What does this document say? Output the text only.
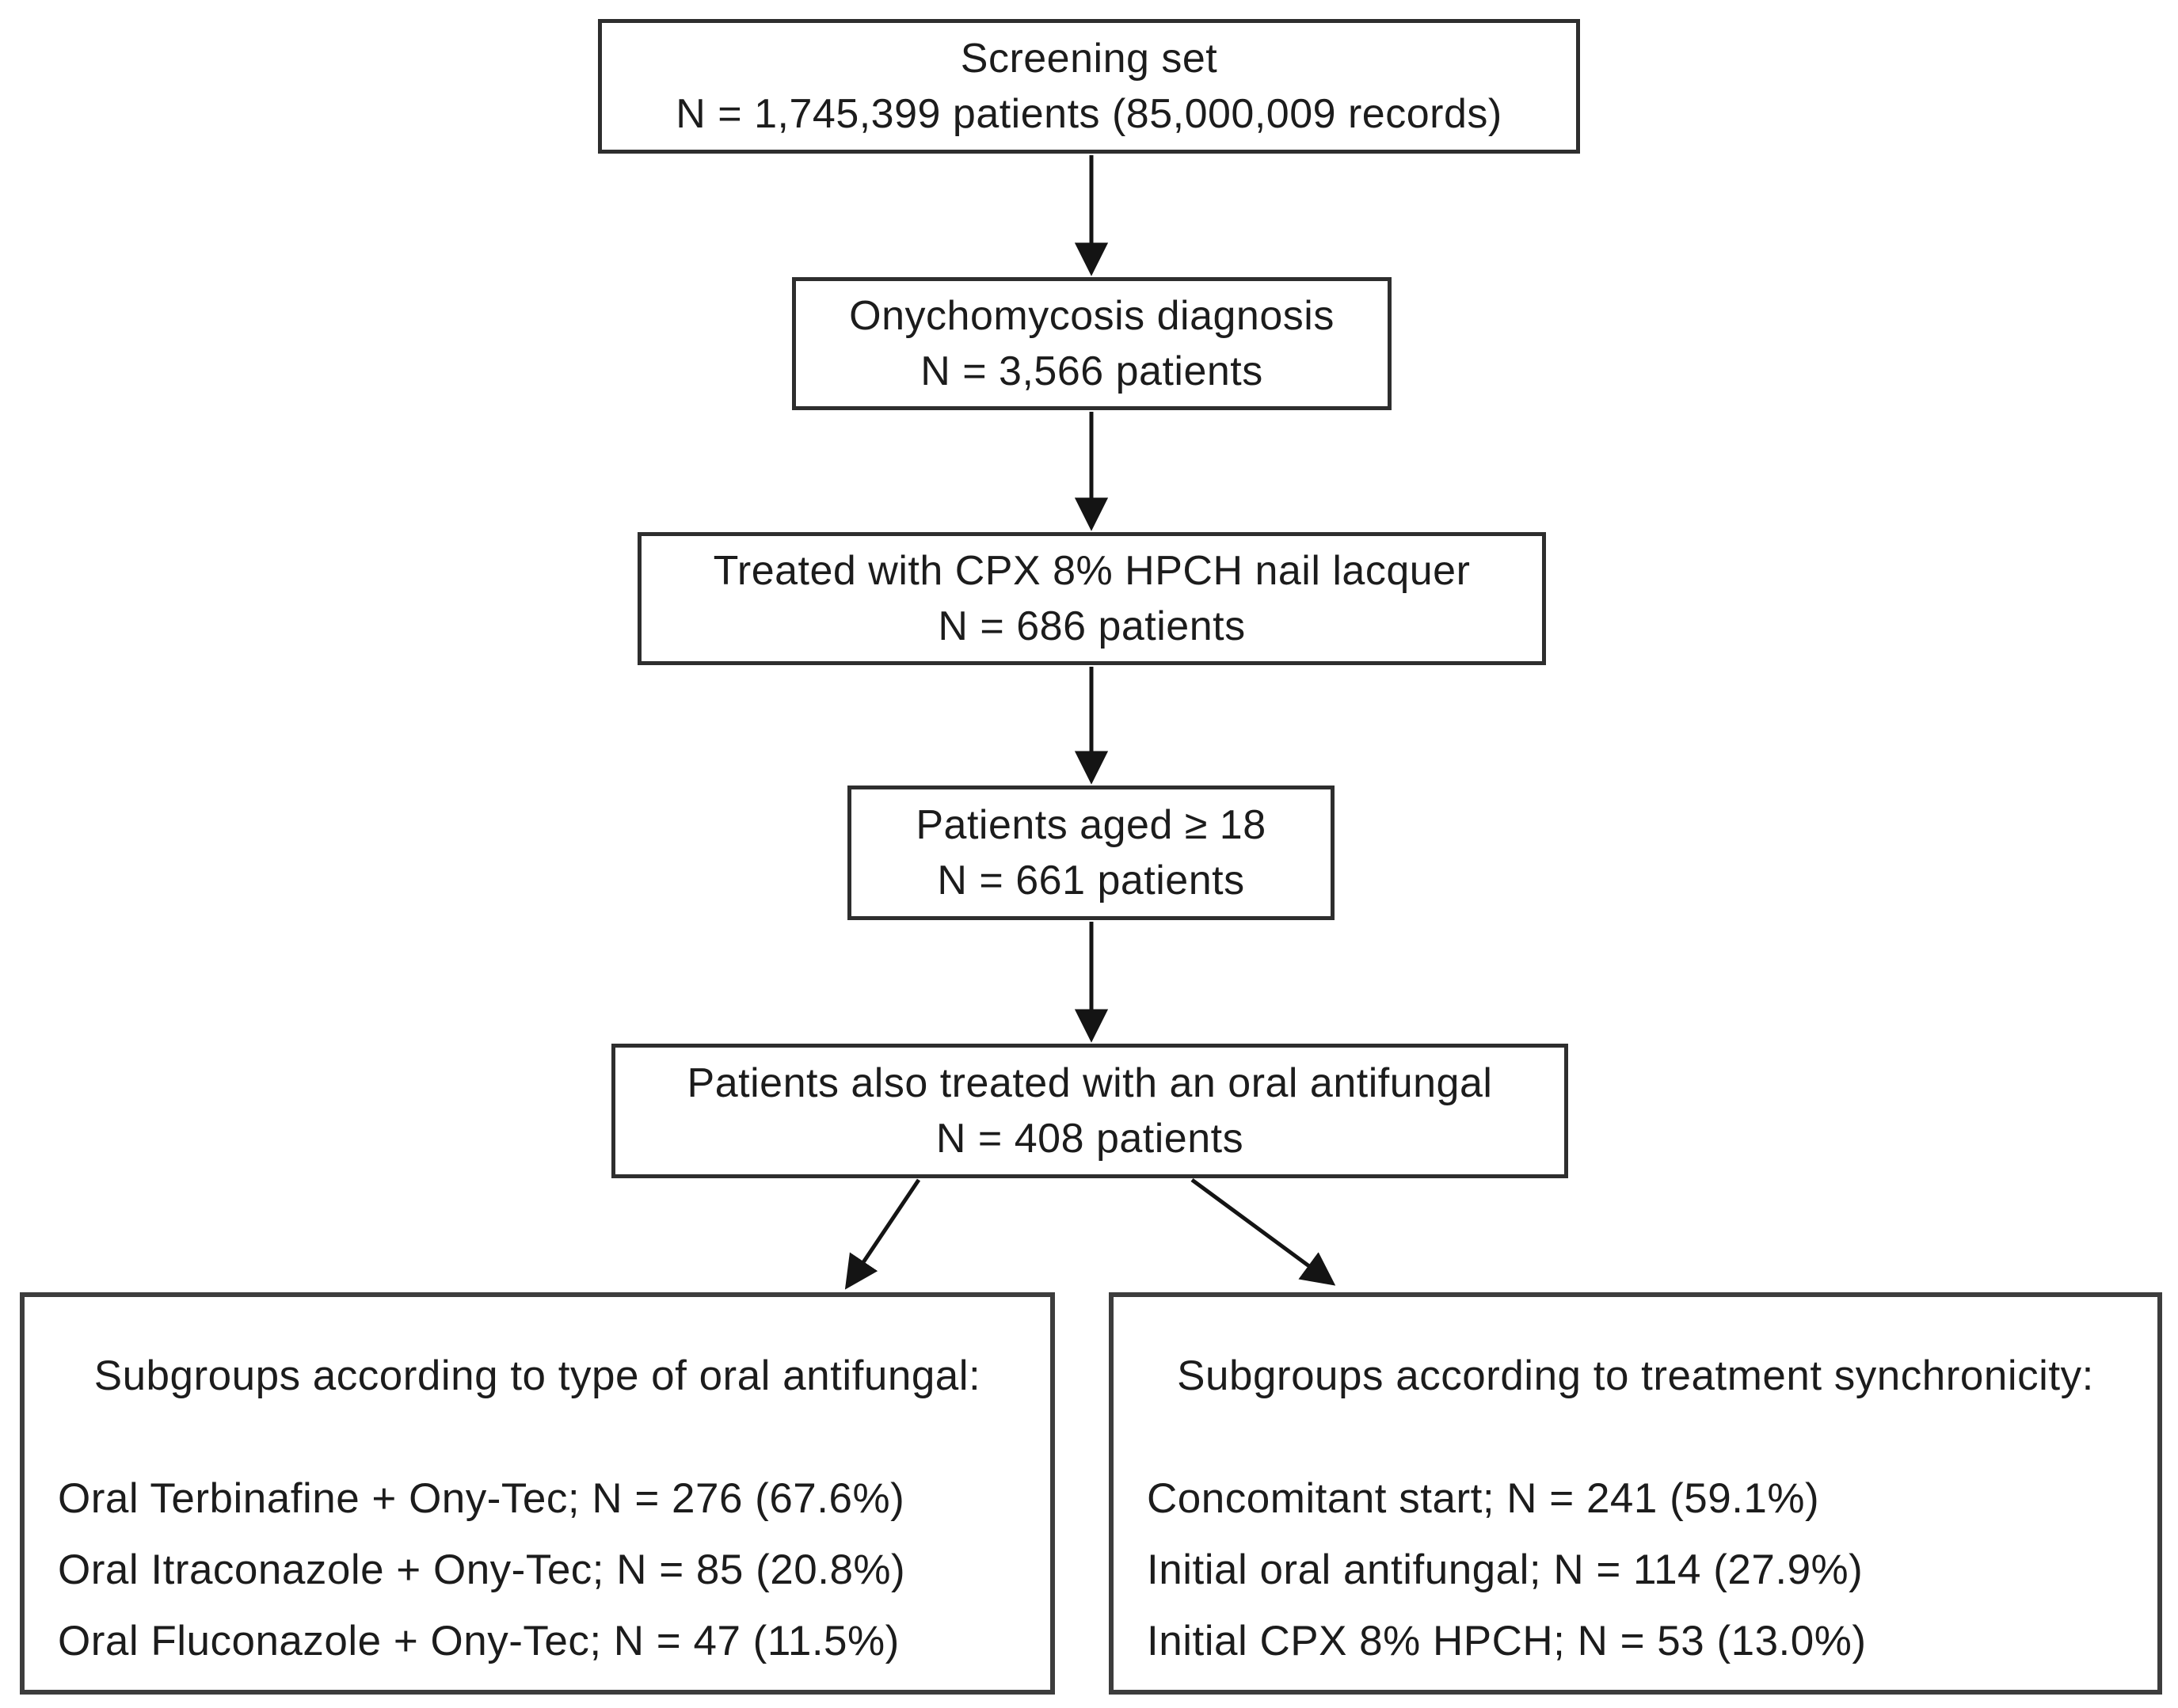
Screening set
N = 1,745,399 patients (85,000,009 records)
Onychomycosis diagnosis
N = 3,566 patients
Treated with CPX 8% HPCH nail lacquer
N = 686 patients
Patients aged ≥ 18
N = 661 patients
Patients also treated with an oral antifungal
N = 408 patients
Subgroups according to type of oral antifungal:
Oral Terbinafine + Ony-Tec; N = 276 (67.6%)
Oral Itraconazole + Ony-Tec; N = 85 (20.8%)
Oral Fluconazole + Ony-Tec; N = 47 (11.5%)
Subgroups according to treatment synchronicity:
Concomitant start; N = 241 (59.1%)
Initial oral antifungal; N = 114 (27.9%)
Initial CPX 8% HPCH; N = 53 (13.0%)
